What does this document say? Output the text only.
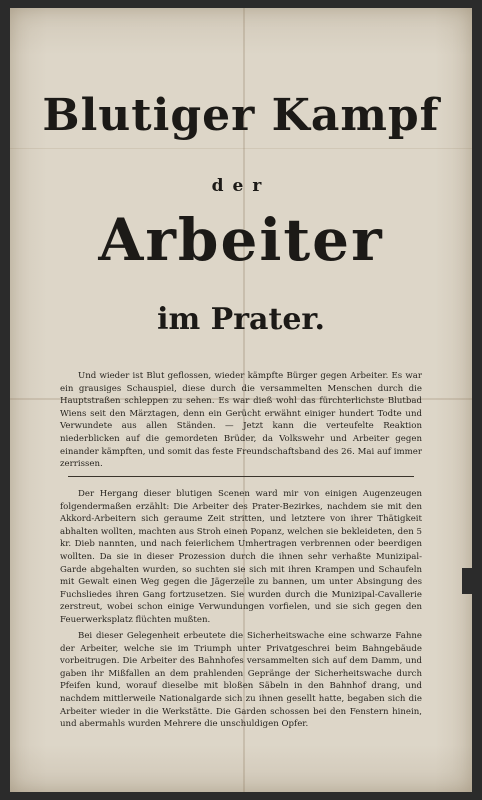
Blutiger Kampf
der
Arbeiter
im Prater.

Und wieder ist Blut geflossen, wieder kämpfte Bürger gegen Arbeiter. Es war ein grausiges Schauspiel, diese durch die versammelten Menschen durch die Hauptstraßen schleppen zu sehen. Es war dieß wohl das fürchterlichste Blutbad Wiens seit den Märztagen, denn ein Gerücht erwähnt einiger hundert Todte und Verwundete aus allen Ständen. — Jetzt kann die verteufelte Reaktion niederblicken auf die gemordeten Brüder, da Volkswehr und Arbeiter gegen einander kämpften, und somit das feste Freundschaftsband des 26. Mai auf immer zerrissen.

Der Hergang dieser blutigen Scenen ward mir von einigen Augenzeugen folgendermaßen erzählt: Die Arbeiter des Prater-Bezirkes, nachdem sie mit den Akkord-Arbeitern sich geraume Zeit stritten, und letztere von ihrer Thätigkeit abhalten wollten, machten aus Stroh einen Popanz, welchen sie bekleideten, den 5 kr. Dieb nannten, und nach feierlichem Umhertragen verbrennen oder beerdigen wollten. Da sie in dieser Prozession durch die ihnen sehr verhaßte Munizipal-Garde abgehalten wurden, so suchten sie sich mit ihren Krampen und Schaufeln mit Gewalt einen Weg gegen die Jägerzeile zu bannen, um unter Absingung des Fuchsliedes ihren Gang fortzusetzen. Sie wurden durch die Munizipal-Cavallerie zerstreut, wobei schon einige Verwundungen vorfielen, und sie sich gegen den Feuerwerksplatz flüchten mußten.

Bei dieser Gelegenheit erbeutete die Sicherheitswache eine schwarze Fahne der Arbeiter, welche sie im Triumph unter Privatgeschrei beim Bahngebäude vorbeitrugen. Die Arbeiter des Bahnhofes versammelten sich auf dem Damm, und gaben ihr Mißfallen an dem prahlenden Gepränge der Sicherheitswache durch Pfeifen kund, worauf dieselbe mit bloßen Säbeln in den Bahnhof drang, und nachdem mittlerweile Nationalgarde sich zu ihnen gesellt hatte, begaben sich die Arbeiter wieder in die Werkstätte. Die Garden schossen bei den Fenstern hinein, und abermahls wurden Mehrere die unschuldigen Opfer.
